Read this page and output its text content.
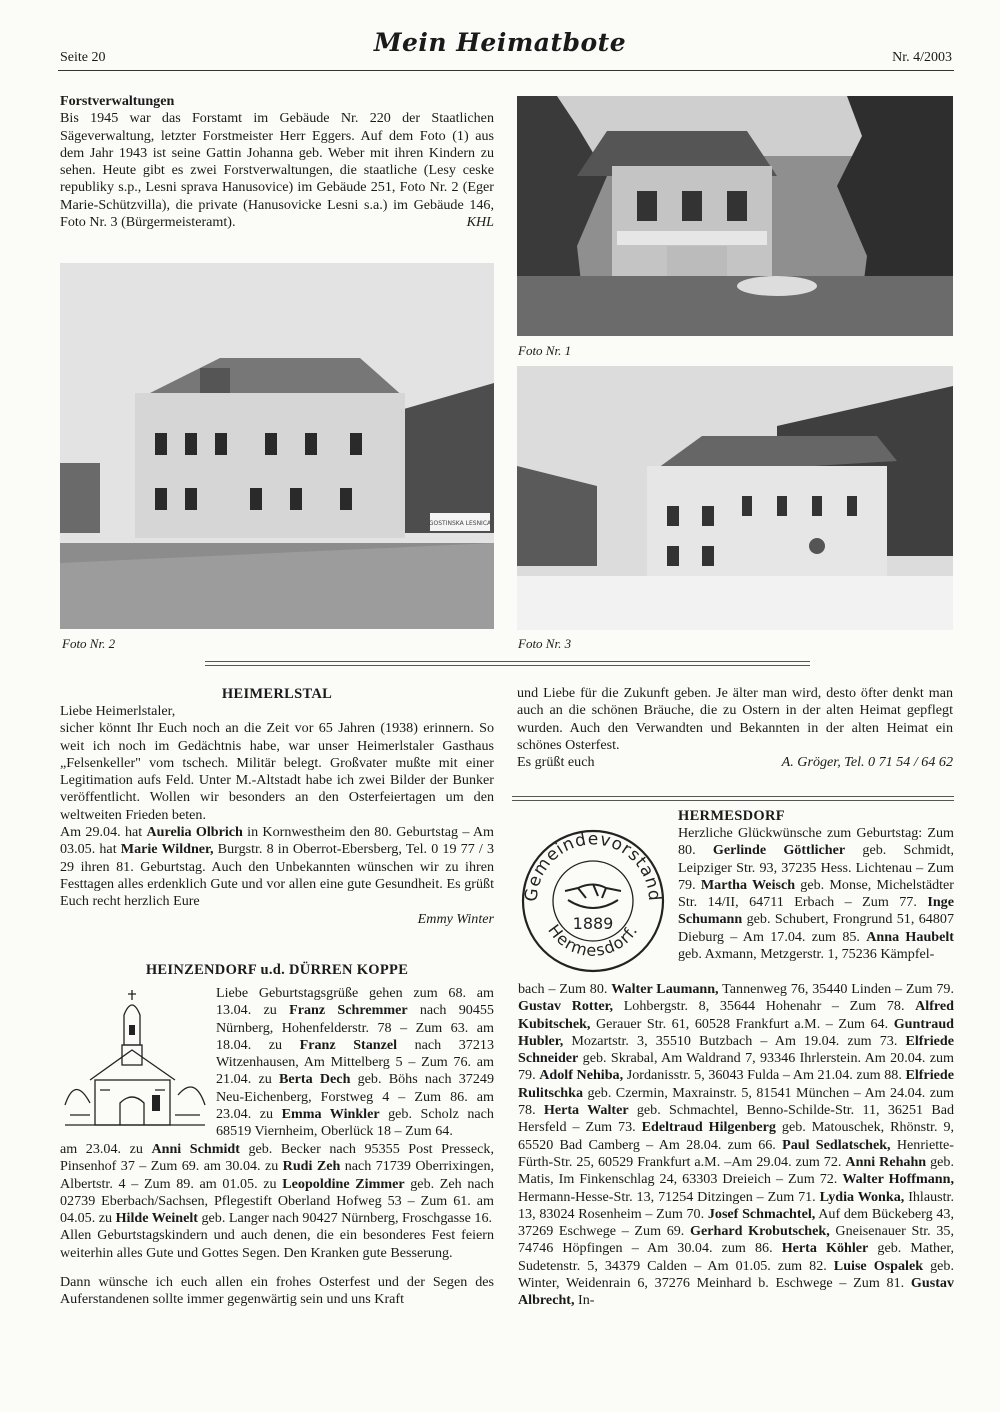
Seite 20
Mein Heimatbote
Nr. 4/2003

Forstverwaltungen

Bis 1945 war das Forstamt im Gebäude Nr. 220 der Staatlichen Sägeverwaltung, letzter Forstmeister Herr Eggers. Auf dem Foto (1) aus dem Jahr 1943 ist seine Gattin Johanna geb. Weber mit ihren Kindern zu sehen. Heute gibt es zwei Forstverwaltungen, die staatliche (Lesy ceske republiky s.p., Lesni sprava Hanusovice) im Gebäude 251, Foto Nr. 2 (Eger Marie-Schützvilla), die private (Hanusovicke Lesni s.a.) im Gebäude 146, Foto Nr. 3 (Bürgermeisteramt).	KHL

Foto Nr. 1
GOSTINSKA LESNICA
Foto Nr. 2	Foto Nr. 3
HEIMERLSTAL

Liebe Heimerlstaler,

sicher könnt Ihr Euch noch an die Zeit vor 65 Jahren (1938) erinnern. So weit ich noch im Gedächtnis habe, war unser Heimerlstaler Gasthaus „Felsenkeller" vom tschech. Militär belegt. Großvater mußte mit einer Legitimation aufs Feld. Unter M.-Altstadt habe ich zwei Bilder der Bunker veröffentlicht. Wollen wir besonders an den Osterfeiertagen um den weltweiten Frieden beten.

Am 29.04. hat Aurelia Olbrich in Kornwestheim den 80. Geburtstag – Am 03.05. hat Marie Wildner, Burgstr. 8 in Oberrot-Ebersberg, Tel. 0 19 77 / 3 29 ihren 81. Geburtstag. Auch den Unbekannten wünschen wir zu ihren Festtagen alles erdenklich Gute und vor allen eine gute Gesundheit. Es grüßt Euch recht herzlich Eure

Emmy Winter

HEINZENDORF u.d. DÜRREN KOPPE

Liebe Geburtstagsgrüße gehen zum 68. am 13.04. zu Franz Schremmer nach 90455 Nürnberg, Hohenfelderstr. 78 – Zum 63. am 18.04. zu Franz Stanzel nach 37213 Witzenhausen, Am Mittelberg 5 – Zum 76. am 21.04. zu Berta Dech geb. Böhs nach 37249 Neu-Eichenberg, Forstweg 4 – Zum 86. am 23.04. zu Emma Winkler geb. Scholz nach 68519 Viernheim, Oberlück 18 – Zum 64.

am 23.04. zu Anni Schmidt geb. Becker nach 95355 Post Presseck, Pinsenhof 37 – Zum 69. am 30.04. zu Rudi Zeh nach 71739 Oberrixingen, Albertstr. 4 – Zum 89. am 01.05. zu Leopoldine Zimmer geb. Zeh nach 02739 Eberbach/Sachsen, Pflegestift Oberland Hofweg 53 – Zum 61. am 04.05. zu Hilde Weinelt geb. Langer nach 90427 Nürnberg, Froschgasse 16.

Allen Geburtstagskindern und auch denen, die ein besonderes Fest feiern weiterhin alles Gute und Gottes Segen. Den Kranken gute Besserung.

Dann wünsche ich euch allen ein frohes Osterfest und der Segen des Auferstandenen sollte immer gegenwärtig sein und uns Kraft

und Liebe für die Zukunft geben. Je älter man wird, desto öfter denkt man auch an die schönen Bräuche, die zu Ostern in der alten Heimat gepflegt wurden. Auch den Verwandten und Bekannten in der alten Heimat ein schönes Osterfest.

Es grüßt euch	A. Gröger, Tel. 0 71 54 / 64 62
HERMESDORF
Gemeindevorstand
Hermesdorf.
1889

Herzliche Glückwünsche zum Geburtstag: Zum 80. Gerlinde Göttlicher geb. Schmidt, Leipziger Str. 93, 37235 Hess. Lichtenau – Zum 79. Martha Weisch geb. Monse, Michelstädter Str. 14/II, 64711 Erbach – Zum 77. Inge Schumann geb. Schubert, Frongrund 51, 64807 Dieburg – Am 17.04. zum 85. Anna Haubelt geb. Axmann, Metzgerstr. 1, 75236 Kämpfel-

bach – Zum 80. Walter Laumann, Tannenweg 76, 35440 Linden – Zum 79. Gustav Rotter, Lohbergstr. 8, 35644 Hohenahr – Zum 78. Alfred Kubitschek, Gerauer Str. 61, 60528 Frankfurt a.M. – Zum 64. Guntraud Hubler, Mozartstr. 3, 35510 Butzbach – Am 19.04. zum 73. Elfriede Schneider geb. Skrabal, Am Waldrand 7, 93346 Ihrlerstein. Am 20.04. zum 79. Adolf Nehiba, Jordanisstr. 5, 36043 Fulda – Am 21.04. zum 88. Elfriede Rulitschka geb. Czermin, Maxrainstr. 5, 81541 München – Am 24.04. zum 78. Herta Walter geb. Schmachtel, Benno-Schilde-Str. 11, 36251 Bad Hersfeld – Zum 73. Edeltraud Hilgenberg geb. Matouschek, Rhönstr. 9, 65520 Bad Camberg – Am 28.04. zum 66. Paul Sedlatschek, Henriette-Fürth-Str. 25, 60529 Frankfurt a.M. –Am 29.04. zum 72. Anni Rehahn geb. Matis, Im Finkenschlag 24, 63303 Dreieich – Zum 72. Walter Hoffmann, Hermann-Hesse-Str. 13, 71254 Ditzingen – Zum 71. Lydia Wonka, Ihlaustr. 13, 83024 Rosenheim – Zum 70. Josef Schmachtel, Auf dem Bückeberg 43, 37269 Eschwege – Zum 69. Gerhard Krobutschek, Gneisenauer Str. 35, 74746 Höpfingen – Am 30.04. zum 86. Herta Köhler geb. Mather, Sudetenstr. 5, 34379 Calden – Am 01.05. zum 82. Luise Ospalek geb. Winter, Weidenrain 6, 37276 Meinhard b. Eschwege – Zum 81. Gustav Albrecht, In-
